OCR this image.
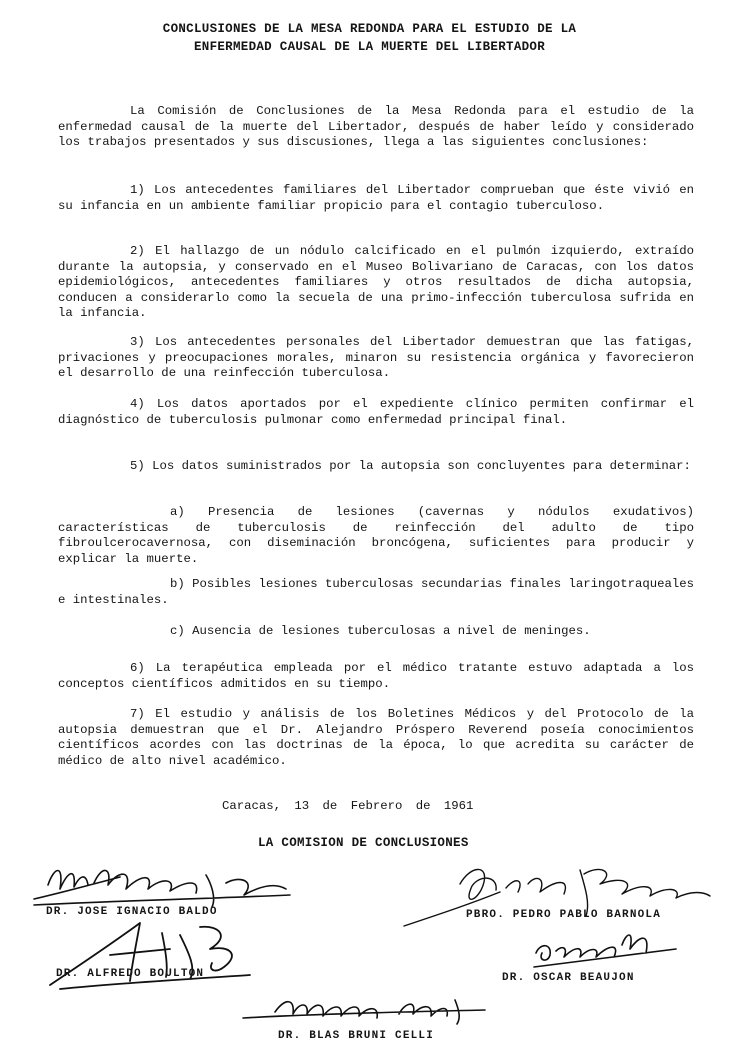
CONCLUSIONES DE LA MESA REDONDA PARA EL ESTUDIO DE LA

ENFERMEDAD CAUSAL DE LA MUERTE DEL LIBERTADOR

La Comisión de Conclusiones de la Mesa Redonda para el estudio de la enfermedad causal de la muerte del Libertador, después de haber leído y considerado los trabajos presentados y sus discusiones, llega a las siguientes conclusiones:

1) Los antecedentes familiares del Libertador comprueban que éste vivió en su infancia en un ambiente familiar propicio para el contagio tuberculoso.
2) El hallazgo de un nódulo calcificado en el pulmón izquierdo, extraído durante la autopsia, y conservado en el Museo Bolivariano de Caracas, con los datos epidemiológicos, antecedentes familiares y otros resultados de dicha autopsia, conducen a considerarlo como la secuela de una primo-infección tuberculosa sufrida en la infancia.
3) Los antecedentes personales del Libertador demuestran que las fatigas, privaciones y preocupaciones morales, minaron su resistencia orgánica y favorecieron el desarrollo de una reinfección tuberculosa.
4) Los datos aportados por el expediente clínico permiten confirmar el diagnóstico de tuberculosis pulmonar como enfermedad principal final.
5) Los datos suministrados por la autopsia son concluyentes para determinar:
a) Presencia de lesiones (cavernas y nódulos exudativos) características de tuberculosis de reinfección del adulto de tipo fibroulcerocavernosa, con diseminación broncógena, suficientes para producir y explicar la muerte.
b) Posibles lesiones tuberculosas secundarias finales laringotraqueales e intestinales.
c) Ausencia de lesiones tuberculosas a nivel de meninges.
6) La terapéutica empleada por el médico tratante estuvo adaptada a los conceptos científicos admitidos en su tiempo.
7) El estudio y análisis de los Boletines Médicos y del Protocolo de la autopsia demuestran que el Dr. Alejandro Próspero Reverend poseía conocimientos científicos acordes con las doctrinas de la época, lo que acredita su carácter de médico de alto nivel académico.

Caracas, 13 de Febrero de 1961

LA COMISION DE CONCLUSIONES

DR. JOSE IGNACIO BALDO	PBRO. PEDRO PABLO BARNOLA

DR. ALFREDO BOULTON	DR. OSCAR BEAUJON

DR. BLAS BRUNI CELLI
